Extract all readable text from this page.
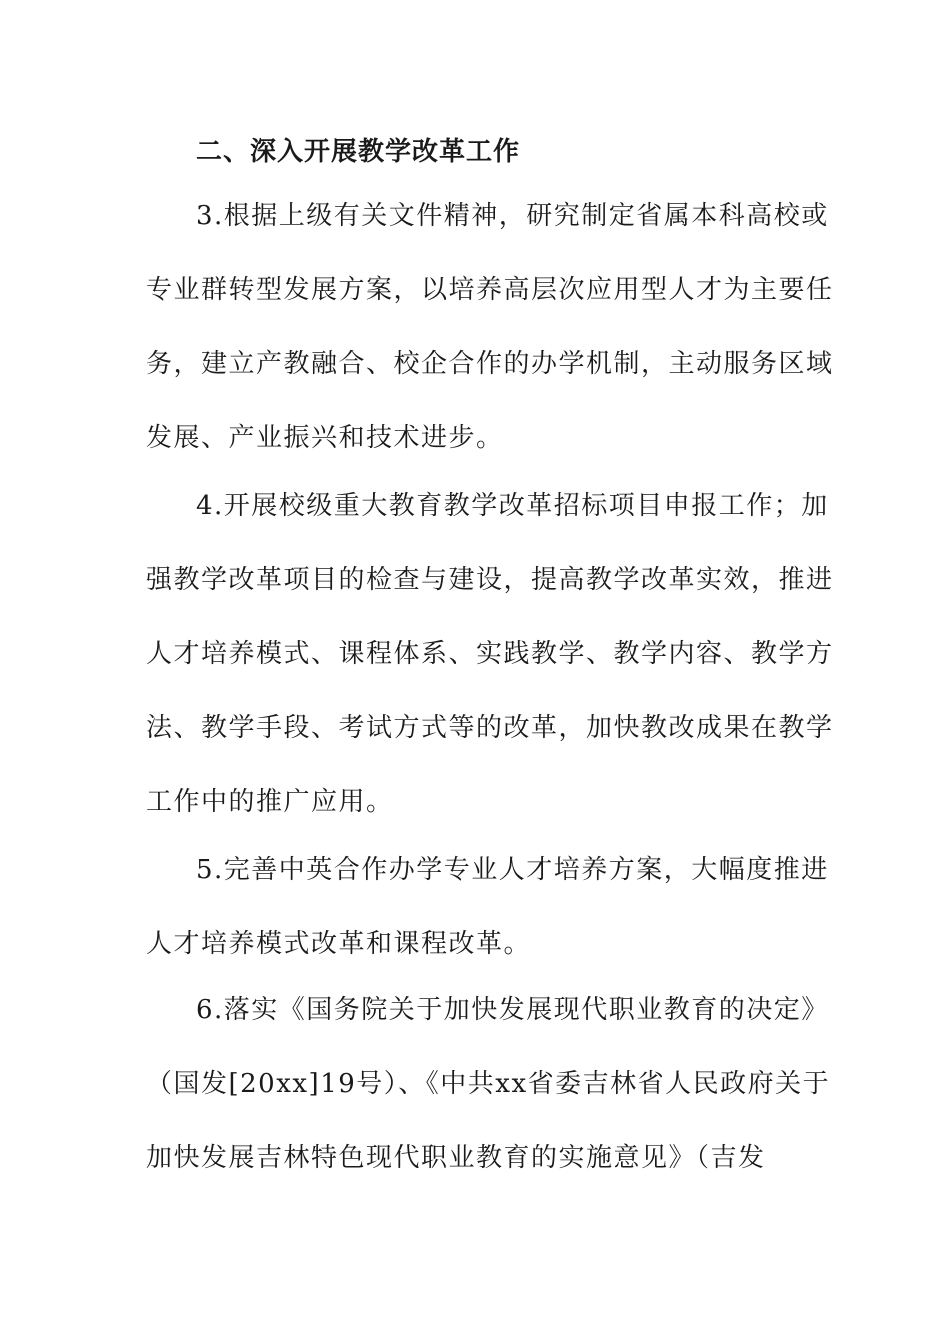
二、深入开展教学改革工作
3.根据上级有关文件精神，研究制定省属本科高校或
专业群转型发展方案，以培养高层次应用型人才为主要任
务，建立产教融合、校企合作的办学机制，主动服务区域
发展、产业振兴和技术进步。
4.开展校级重大教育教学改革招标项目申报工作；加
强教学改革项目的检查与建设，提高教学改革实效，推进
人才培养模式、课程体系、实践教学、教学内容、教学方
法、教学手段、考试方式等的改革，加快教改成果在教学
工作中的推广应用。
5.完善中英合作办学专业人才培养方案，大幅度推进
人才培养模式改革和课程改革。
6.落实《国务院关于加快发展现代职业教育的决定》
（国发[20xx]19号）、《中共xx省委吉林省人民政府关于
加快发展吉林特色现代职业教育的实施意见》（吉发
